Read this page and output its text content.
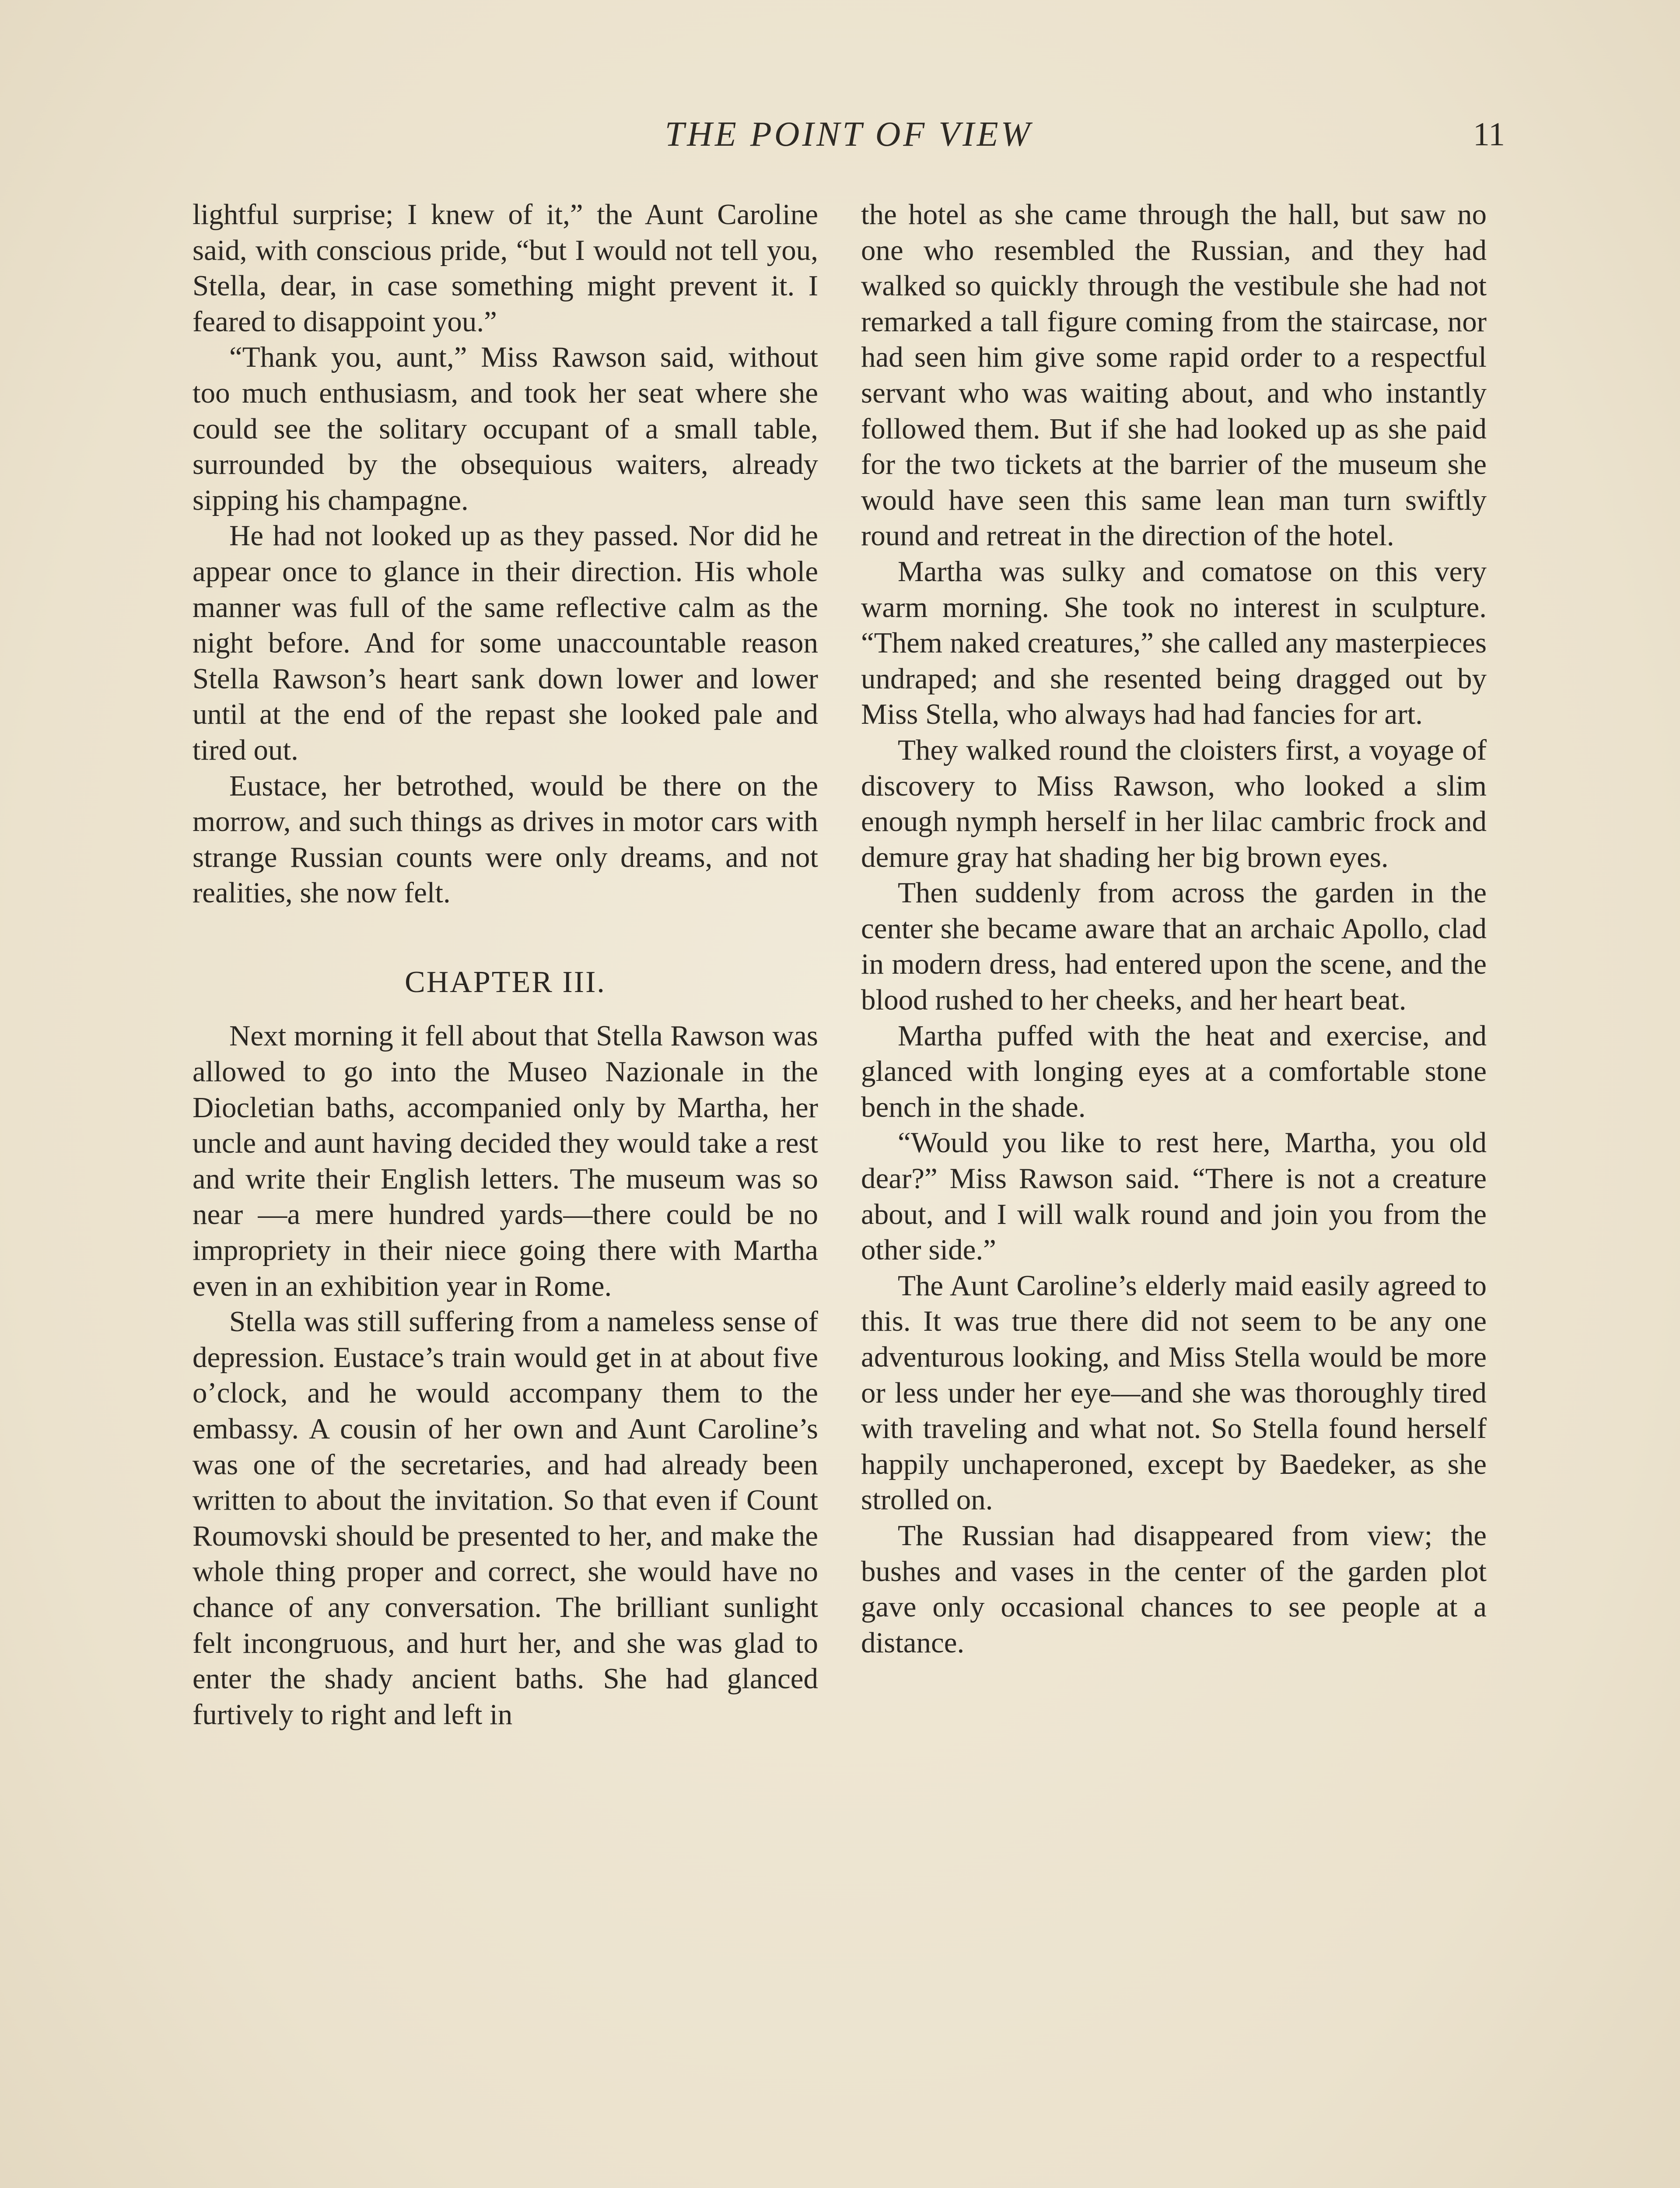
THE POINT OF VIEW	11

lightful surprise; I knew of it,” the Aunt Caroline said, with conscious pride, “but I would not tell you, Stella, dear, in case something might prevent it. I feared to disappoint you.”

“Thank you, aunt,” Miss Rawson said, without too much enthusiasm, and took her seat where she could see the solitary occupant of a small table, surrounded by the obsequious waiters, already sipping his champagne.

He had not looked up as they passed. Nor did he appear once to glance in their direction. His whole manner was full of the same reflective calm as the night before. And for some unaccountable reason Stella Rawson’s heart sank down lower and lower until at the end of the repast she looked pale and tired out.

Eustace, her betrothed, would be there on the morrow, and such things as drives in motor cars with strange Russian counts were only dreams, and not realities, she now felt.

CHAPTER III.

Next morning it fell about that Stella Rawson was allowed to go into the Museo Nazionale in the Diocletian baths, accompanied only by Martha, her uncle and aunt having decided they would take a rest and write their English letters. The museum was so near —a mere hundred yards—there could be no impropriety in their niece going there with Martha even in an exhibition year in Rome.

Stella was still suffering from a nameless sense of depression. Eustace’s train would get in at about five o’clock, and he would accompany them to the embassy. A cousin of her own and Aunt Caroline’s was one of the secretaries, and had already been written to about the invitation. So that even if Count Roumovski should be presented to her, and make the whole thing proper and correct, she would have no chance of any conversation. The brilliant sunlight felt incongruous, and hurt her, and she was glad to enter the shady ancient baths. She had glanced furtively to right and left in

the hotel as she came through the hall, but saw no one who resembled the Russian, and they had walked so quickly through the vestibule she had not remarked a tall figure coming from the staircase, nor had seen him give some rapid order to a respectful servant who was waiting about, and who instantly followed them. But if she had looked up as she paid for the two tickets at the barrier of the museum she would have seen this same lean man turn swiftly round and retreat in the direction of the hotel.

Martha was sulky and comatose on this very warm morning. She took no interest in sculpture. “Them naked creatures,” she called any masterpieces undraped; and she resented being dragged out by Miss Stella, who always had had fancies for art.

They walked round the cloisters first, a voyage of discovery to Miss Rawson, who looked a slim enough nymph herself in her lilac cambric frock and demure gray hat shading her big brown eyes.

Then suddenly from across the garden in the center she became aware that an archaic Apollo, clad in modern dress, had entered upon the scene, and the blood rushed to her cheeks, and her heart beat.

Martha puffed with the heat and exercise, and glanced with longing eyes at a comfortable stone bench in the shade.

“Would you like to rest here, Martha, you old dear?” Miss Rawson said. “There is not a creature about, and I will walk round and join you from the other side.”

The Aunt Caroline’s elderly maid easily agreed to this. It was true there did not seem to be any one adventurous looking, and Miss Stella would be more or less under her eye—and she was thoroughly tired with traveling and what not. So Stella found herself happily unchaperoned, except by Baedeker, as she strolled on.

The Russian had disappeared from view; the bushes and vases in the center of the garden plot gave only occasional chances to see people at a distance.
